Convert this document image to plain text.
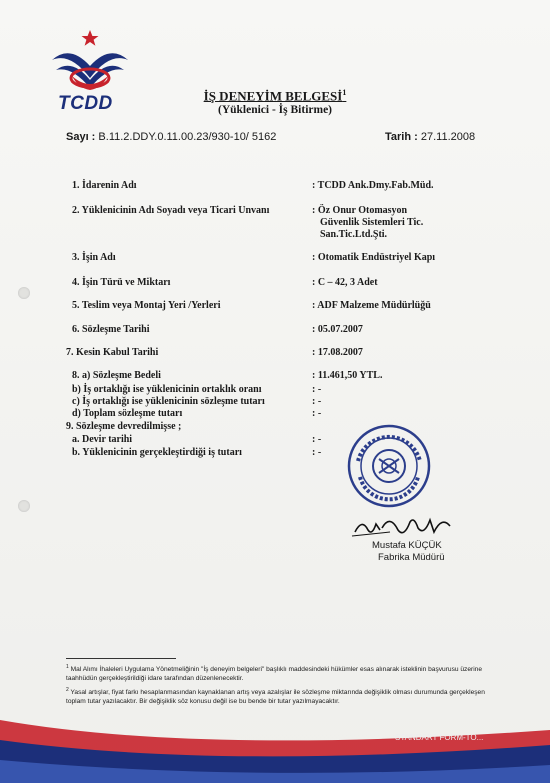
TCDD	İŞ DENEYİM BELGESİ$^1$
(Yüklenici - İş Bitirme)
Sayı : B.11.2.DDY.0.11.00.23/930-10/ 5162	Tarih : 27.11.2008
1. İdarenin Adı	: TCDD Ank.Dmy.Fab.Müd.
2. Yüklenicinin Adı Soyadı veya Ticari Unvanı	: Öz Onur Otomasyon
Güvenlik Sistemleri Tic.
San.Tic.Ltd.Şti.
3. İşin Adı	: Otomatik Endüstriyel Kapı
4. İşin Türü ve Miktarı	: C – 42, 3 Adet
5. Teslim veya Montaj Yeri /Yerleri	: ADF Malzeme Müdürlüğü
6. Sözleşme Tarihi	: 05.07.2007
7. Kesin Kabul Tarihi	: 17.08.2007
8. a) Sözleşme Bedeli	: 11.461,50 YTL.
b) İş ortaklığı ise yüklenicinin ortaklık oranı	: -
c) İş ortaklığı ise yüklenicinin sözleşme tutarı	: -
d) Toplam sözleşme tutarı	: -
9. Sözleşme devredilmişse ;
a. Devir tarihi	: -
b. Yüklenicinin gerçekleştirdiği iş tutarı	: -
Mustafa KÜÇÜK
Fabrika Müdürü
$^1$ Mal Alımı İhaleleri Uygulama Yönetmeliğinin "İş deneyim belgeleri" başlıklı maddesindeki hükümler esas alınarak isteklinin başvurusu üzerine taahhüdün gerçekleştirildiği idare tarafından düzenlenecektir.
$^2$ Yasal artışlar, fiyat farkı hesaplanmasından kaynaklanan artış veya azalışlar ile sözleşme miktarında değişiklik olması durumunda gerçekleşen toplam tutar yazılacaktır. Bir değişiklik söz konusu değil ise bu bende bir tutar yazılmayacaktır.
STANDART FORM-TO...
